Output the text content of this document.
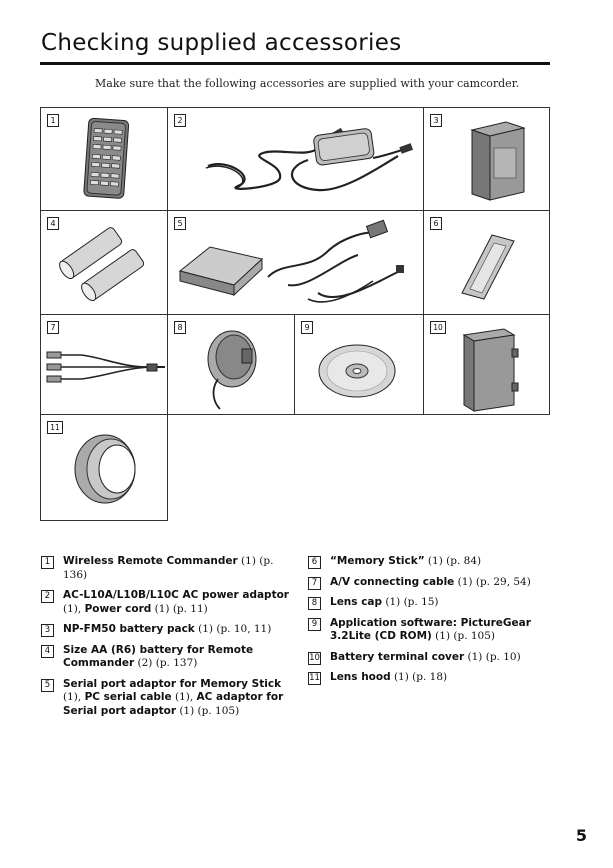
Checking supplied accessories
Make sure that the following accessories are supplied with your camcorder.
1	2	3
4	5	6
7	8	9	10
11
1	Wireless Remote Commander (1) (p. 136)
2	AC-L10A/L10B/L10C AC power adaptor (1), Power cord (1) (p. 11)
3	NP-FM50 battery pack (1) (p. 10, 11)
4	Size AA (R6) battery for Remote Commander (2) (p. 137)
5	Serial port adaptor for Memory Stick (1), PC serial cable (1), AC adaptor for Serial port adaptor (1) (p. 105)
6	“Memory Stick” (1) (p. 84)
7	A/V connecting cable (1) (p. 29, 54)
8	Lens cap (1) (p. 15)
9	Application software: PictureGear 3.2Lite (CD ROM) (1) (p. 105)
10 Battery terminal cover (1) (p. 10)
11 Lens hood (1) (p. 18)
5
